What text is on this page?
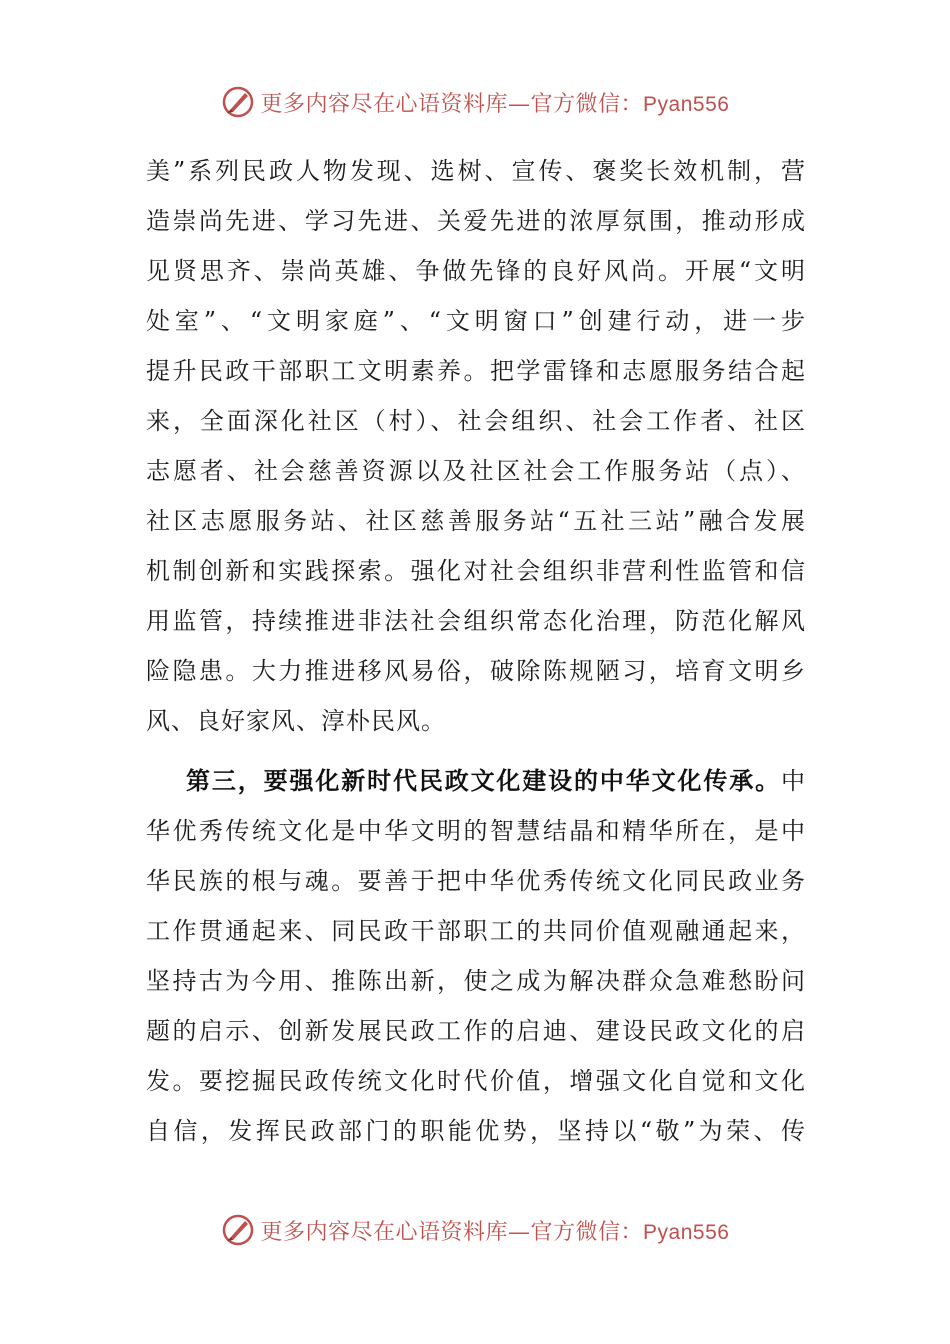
更多内容尽在心语资料库—官方微信：Pyan556
美”系列民政人物发现、选树、宣传、褒奖长效机制，营
造崇尚先进、学习先进、关爱先进的浓厚氛围，推动形成
见贤思齐、崇尚英雄、争做先锋的良好风尚。开展“文明
处室”、“文明家庭”、“文明窗口”创建行动，进一步
提升民政干部职工文明素养。把学雷锋和志愿服务结合起
来，全面深化社区（村）、社会组织、社会工作者、社区
志愿者、社会慈善资源以及社区社会工作服务站（点）、
社区志愿服务站、社区慈善服务站“五社三站”融合发展
机制创新和实践探索。强化对社会组织非营利性监管和信
用监管，持续推进非法社会组织常态化治理，防范化解风
险隐患。大力推进移风易俗，破除陈规陋习，培育文明乡
风、良好家风、淳朴民风。
第三，要强化新时代民政文化建设的中华文化传承。中
华优秀传统文化是中华文明的智慧结晶和精华所在，是中
华民族的根与魂。要善于把中华优秀传统文化同民政业务
工作贯通起来、同民政干部职工的共同价值观融通起来，
坚持古为今用、推陈出新，使之成为解决群众急难愁盼问
题的启示、创新发展民政工作的启迪、建设民政文化的启
发。要挖掘民政传统文化时代价值，增强文化自觉和文化
自信，发挥民政部门的职能优势，坚持以“敬”为荣、传
更多内容尽在心语资料库—官方微信：Pyan556
